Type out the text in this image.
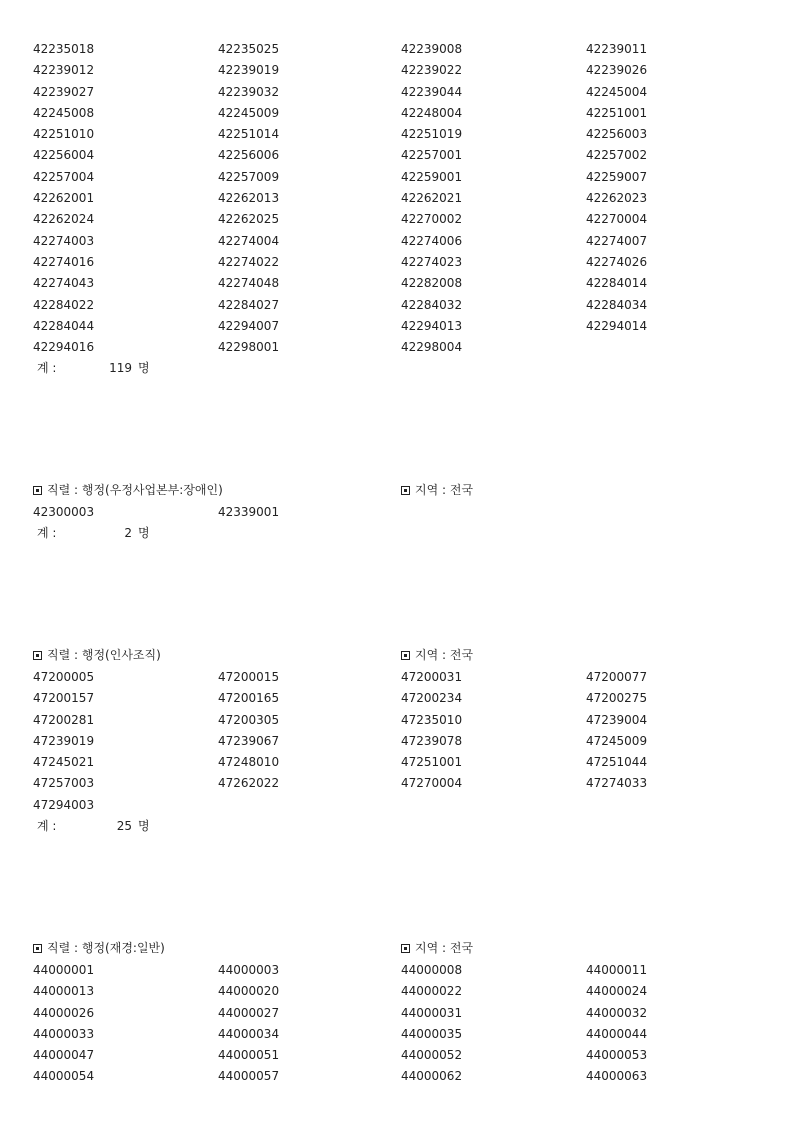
42235018	42235025	42239008	42239011
42239012	42239019	42239022	42239026
42239027	42239032	42239044	42245004
42245008	42245009	42248004	42251001
42251010	42251014	42251019	42256003
42256004	42256006	42257001	42257002
42257004	42257009	42259001	42259007
42262001	42262013	42262021	42262023
42262024	42262025	42270002	42270004
42274003	42274004	42274006	42274007
42274016	42274022	42274023	42274026
42274043	42274048	42282008	42284014
42284022	42284027	42284032	42284034
42284044	42294007	42294013	42294014
42294016	42298001	42298004
계 :	119 명
직렬 : 행정(우정사업본부:장애인)	지역 : 전국
42300003	42339001
계 :	2 명
직렬 : 행정(인사조직)	지역 : 전국
47200005	47200015	47200031	47200077
47200157	47200165	47200234	47200275
47200281	47200305	47235010	47239004
47239019	47239067	47239078	47245009
47245021	47248010	47251001	47251044
47257003	47262022	47270004	47274033
47294003
계 :	25 명
직렬 : 행정(재경:일반)	지역 : 전국
44000001	44000003	44000008	44000011
44000013	44000020	44000022	44000024
44000026	44000027	44000031	44000032
44000033	44000034	44000035	44000044
44000047	44000051	44000052	44000053
44000054	44000057	44000062	44000063
